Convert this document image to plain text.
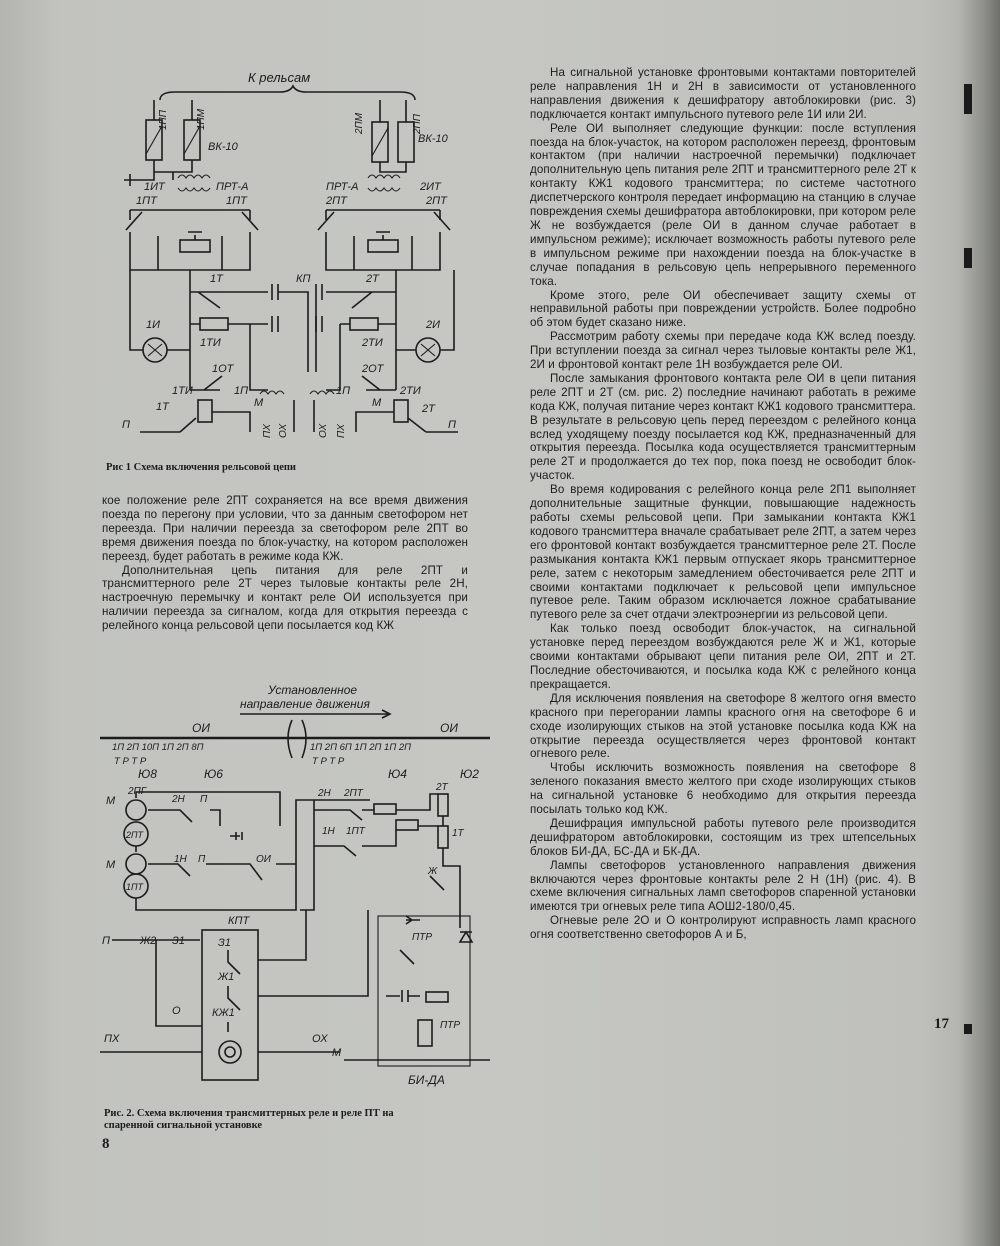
К рельсам
1ПП	1ПМ
ВК-10
2ПМ	2ПП
ВК-10
1ИТ	ПРТ-А	ПРТ-А	2ИТ
1ПТ	1ПТ	2ПТ	2ПТ
1Т	КП	2Т
1ТИ	2ТИ
1И	2И
1ОТ	2ОТ
1ТИ	1П	1П	2ТИ
1Т	М	М	2Т
П	ПХ ОХ	ОХ ПХ	П
Рис 1 Схема включения рельсовой цепи

кое положение реле 2ПТ сохраняется на все время движения поезда по перегону при условии, что за данным светофором нет переезда. При наличии переезда за светофором реле 2ПТ во время движения поезда по блок-участку, на котором расположен переезд, будет работать в режиме кода КЖ.

Дополнительная цепь питания для реле 2ПТ и трансмиттерного реле 2Т через тыловые контакты реле 2Н, настроечную перемычку и контакт реле ОИ используется при наличии переезда за сигналом, когда для открытия переезда с релейного конца рельсовой цепи посылается код КЖ

Установленное
направление движения
ОИ	ОИ
1П 2П 10П 1П 2П 8П	1П 2П 6П 1П 2П 1П 2П
Т Р Т Р	Т Р Т Р
Ю8	Ю6	Ю4	Ю2
М
2ПГ
2ПТ
М
1ПТ
2Н П
1Н П	ОИ
2Н 2ПТ
1Н 1ПТ
2Т
1Т
Ж
КПТ
П	Ж2 З1	З1
Ж1
О	КЖ1
ПХ	ОХ
ПТР
ПТР
М
БИ-ДА
Рис. 2. Схема включения трансмиттерных реле и реле ПТ на
спаренной сигнальной установке
8
17

На сигнальной установке фронтовыми контактами повторителей реле направления 1Н и 2Н в зависимости от установленного направления движения к дешифратору автоблокировки (рис. 3) подключается контакт импульсного путевого реле 1И или 2И.

Реле ОИ выполняет следующие функции: после вступления поезда на блок-участок, на котором расположен переезд, фронтовым контактом (при наличии настроечной перемычки) подключает дополнительную цепь питания реле 2ПТ и трансмиттерного реле 2Т к контакту КЖ1 кодового трансмиттера; по системе частотного диспетчерского контроля передает информацию на станцию в случае повреждения схемы дешифратора автоблокировки, при котором реле Ж не возбуждается (реле ОИ в данном случае работает в импульсном режиме); исключает возможность работы путевого реле в импульсном режиме при нахождении поезда на блок-участке в случае попадания в рельсовую цепь непрерывного переменного тока.

Кроме этого, реле ОИ обеспечивает защиту схемы от неправильной работы при повреждении устройств. Более подробно об этом будет сказано ниже.

Рассмотрим работу схемы при передаче кода КЖ вслед поезду. При вступлении поезда за сигнал через тыловые контакты реле Ж1, 2И и фронтовой контакт реле 1Н возбуждается реле ОИ.

После замыкания фронтового контакта реле ОИ в цепи питания реле 2ПТ и 2Т (см. рис. 2) последние начинают работать в режиме кода КЖ, получая питание через контакт КЖ1 кодового трансмиттера. В результате в рельсовую цепь перед переездом с релейного конца вслед уходящему поезду посылается код КЖ, предназначенный для открытия переезда. Посылка кода осуществляется трансмиттерным реле 2Т и продолжается до тех пор, пока поезд не освободит блок-участок.

Во время кодирования с релейного конца реле 2П1 выполняет дополнительные защитные функции, повышающие надежность работы схемы рельсовой цепи. При замыкании контакта КЖ1 кодового трансмиттера вначале срабатывает реле 2ПТ, а затем через его фронтовой контакт возбуждается трансмиттерное реле 2Т. После размыкания контакта КЖ1 первым отпускает якорь трансмиттерное реле, затем с некоторым замедлением обесточивается реле 2ПТ и своими контактами подключает к рельсовой цепи импульсное путевое реле. Таким образом исключается ложное срабатывание путевого реле за счет отдачи электроэнергии из рельсовой цепи.

Как только поезд освободит блок-участок, на сигнальной установке перед переездом возбуждаются реле Ж и Ж1, которые своими контактами обрывают цепи питания реле ОИ, 2ПТ и 2Т. Последние обесточиваются, и посылка кода КЖ с релейного конца прекращается.

Для исключения появления на светофоре 8 желтого огня вместо красного при перегорании лампы красного огня на светофоре 6 и сходе изолирующих стыков на этой установке посылка кода КЖ на открытие переезда осуществляется через фронтовой контакт огневого реле.

Чтобы исключить возможность появления на светофоре 8 зеленого показания вместо желтого при сходе изолирующих стыков на сигнальной установке 6 необходимо для открытия переезда посылать только код КЖ.

Дешифрация импульсной работы путевого реле производится дешифратором автоблокировки, состоящим из трех штепсельных блоков БИ-ДА, БС-ДА и БК-ДА.

Лампы светофоров установленного направления движения включаются через фронтовые контакты реле 2 Н (1Н) (рис. 4). В схеме включения сигнальных ламп светофоров спаренной установки имеются три огневых реле типа АОШ2-180/0,45.

Огневые реле 2О и О контролируют исправность ламп красного огня соответственно светофоров А и Б,
